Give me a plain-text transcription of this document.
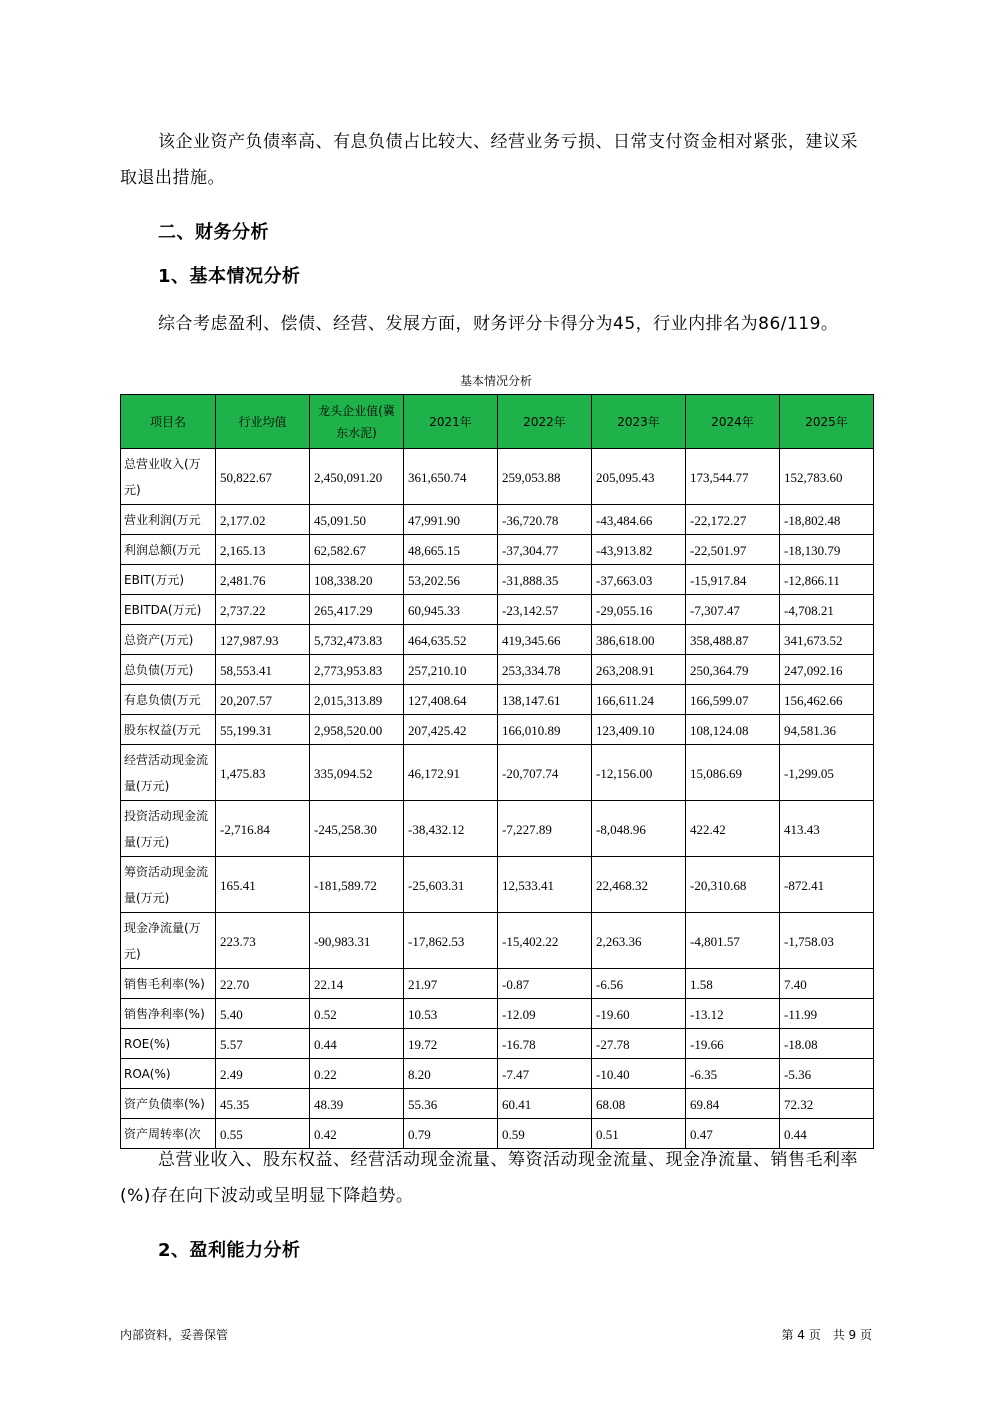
该企业资产负债率高、有息负债占比较大、经营业务亏损、日常支付资金相对紧张，建议采取退出措施。

二、财务分析

1、基本情况分析

综合考虑盈利、偿债、经营、发展方面，财务评分卡得分为45，行业内排名为86/119。

基本情况分析
项目名	行业均值	龙头企业值(冀东水泥)	2021年	2022年	2023年	2024年	2025年
总营业收入(万元)	50,822.67	2,450,091.20	361,650.74	259,053.88	205,095.43	173,544.77	152,783.60
营业利润(万元	2,177.02	45,091.50	47,991.90	-36,720.78	-43,484.66	-22,172.27	-18,802.48
利润总额(万元	2,165.13	62,582.67	48,665.15	-37,304.77	-43,913.82	-22,501.97	-18,130.79
EBIT(万元)	2,481.76	108,338.20	53,202.56	-31,888.35	-37,663.03	-15,917.84	-12,866.11
EBITDA(万元)	2,737.22	265,417.29	60,945.33	-23,142.57	-29,055.16	-7,307.47	-4,708.21
总资产(万元)	127,987.93	5,732,473.83	464,635.52	419,345.66	386,618.00	358,488.87	341,673.52
总负债(万元)	58,553.41	2,773,953.83	257,210.10	253,334.78	263,208.91	250,364.79	247,092.16
有息负债(万元	20,207.57	2,015,313.89	127,408.64	138,147.61	166,611.24	166,599.07	156,462.66
股东权益(万元	55,199.31	2,958,520.00	207,425.42	166,010.89	123,409.10	108,124.08	94,581.36
经营活动现金流量(万元)	1,475.83	335,094.52	46,172.91	-20,707.74	-12,156.00	15,086.69	-1,299.05
投资活动现金流量(万元)	-2,716.84	-245,258.30	-38,432.12	-7,227.89	-8,048.96	422.42	413.43
筹资活动现金流量(万元)	165.41	-181,589.72	-25,603.31	12,533.41	22,468.32	-20,310.68	-872.41
现金净流量(万元)	223.73	-90,983.31	-17,862.53	-15,402.22	2,263.36	-4,801.57	-1,758.03
销售毛利率(%)	22.70	22.14	21.97	-0.87	-6.56	1.58	7.40
销售净利率(%)	5.40	0.52	10.53	-12.09	-19.60	-13.12	-11.99
ROE(%)	5.57	0.44	19.72	-16.78	-27.78	-19.66	-18.08
ROA(%)	2.49	0.22	8.20	-7.47	-10.40	-6.35	-5.36
资产负债率(%)	45.35	48.39	55.36	60.41	68.08	69.84	72.32
资产周转率(次	0.55	0.42	0.79	0.59	0.51	0.47	0.44

总营业收入、股东权益、经营活动现金流量、筹资活动现金流量、现金净流量、销售毛利率(%)存在向下波动或呈明显下降趋势。

2、盈利能力分析

内部资料，妥善保管	第 4 页　共 9 页
